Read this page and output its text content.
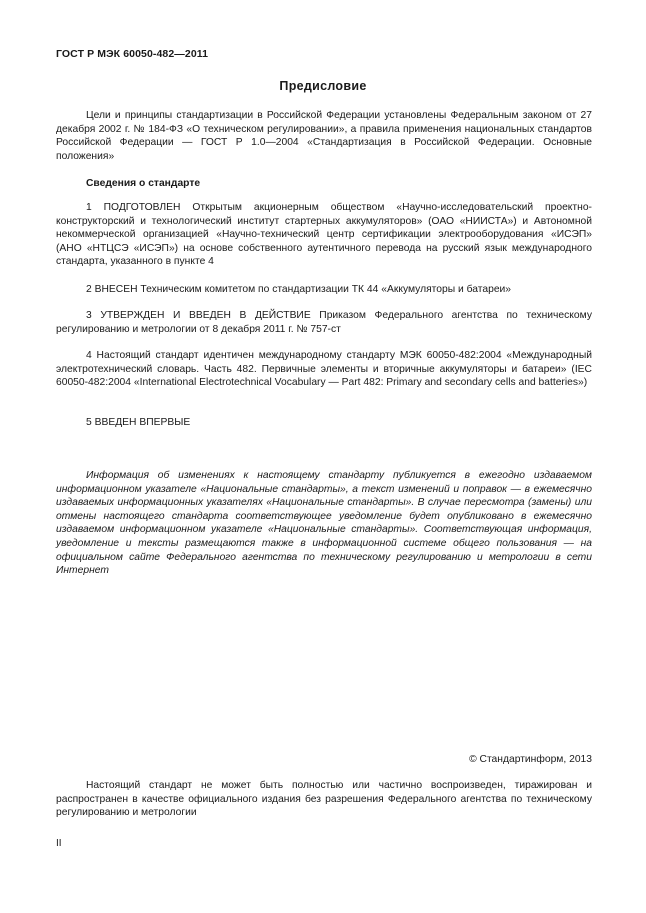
ГОСТ Р МЭК 60050-482—2011
Предисловие
Цели и принципы стандартизации в Российской Федерации установлены Федеральным законом от 27 декабря 2002 г. № 184-ФЗ «О техническом регулировании», а правила применения национальных стандартов Российской Федерации — ГОСТ Р 1.0—2004 «Стандартизация в Российской Федерации. Основные положения»
Сведения о стандарте
1 ПОДГОТОВЛЕН Открытым акционерным обществом «Научно-исследовательский проектно-конструкторский и технологический институт стартерных аккумуляторов» (ОАО «НИИСТА») и Автономной некоммерческой организацией «Научно-технический центр сертификации электрооборудования «ИСЭП» (АНО «НТЦСЭ «ИСЭП») на основе собственного аутентичного перевода на русский язык международного стандарта, указанного в пункте 4
2 ВНЕСЕН Техническим комитетом по стандартизации ТК 44 «Аккумуляторы и батареи»
3 УТВЕРЖДЕН И ВВЕДЕН В ДЕЙСТВИЕ Приказом Федерального агентства по техническому регулированию и метрологии от 8 декабря 2011 г. № 757-ст
4 Настоящий стандарт идентичен международному стандарту МЭК 60050-482:2004 «Международный электротехнический словарь. Часть 482. Первичные элементы и вторичные аккумуляторы и батареи» (IEC 60050-482:2004 «International Electrotechnical Vocabulary — Part 482: Primary and secondary cells and batteries»)
5 ВВЕДЕН ВПЕРВЫЕ
Информация об изменениях к настоящему стандарту публикуется в ежегодно издаваемом информационном указателе «Национальные стандарты», а текст изменений и поправок — в ежемесячно издаваемых информационных указателях «Национальные стандарты». В случае пересмотра (замены) или отмены настоящего стандарта соответствующее уведомление будет опубликовано в ежемесячно издаваемом информационном указателе «Национальные стандарты». Соответствующая информация, уведомление и тексты размещаются также в информационной системе общего пользования — на официальном сайте Федерального агентства по техническому регулированию и метрологии в сети Интернет
© Стандартинформ, 2013
Настоящий стандарт не может быть полностью или частично воспроизведен, тиражирован и распространен в качестве официального издания без разрешения Федерального агентства по техническому регулированию и метрологии
II
